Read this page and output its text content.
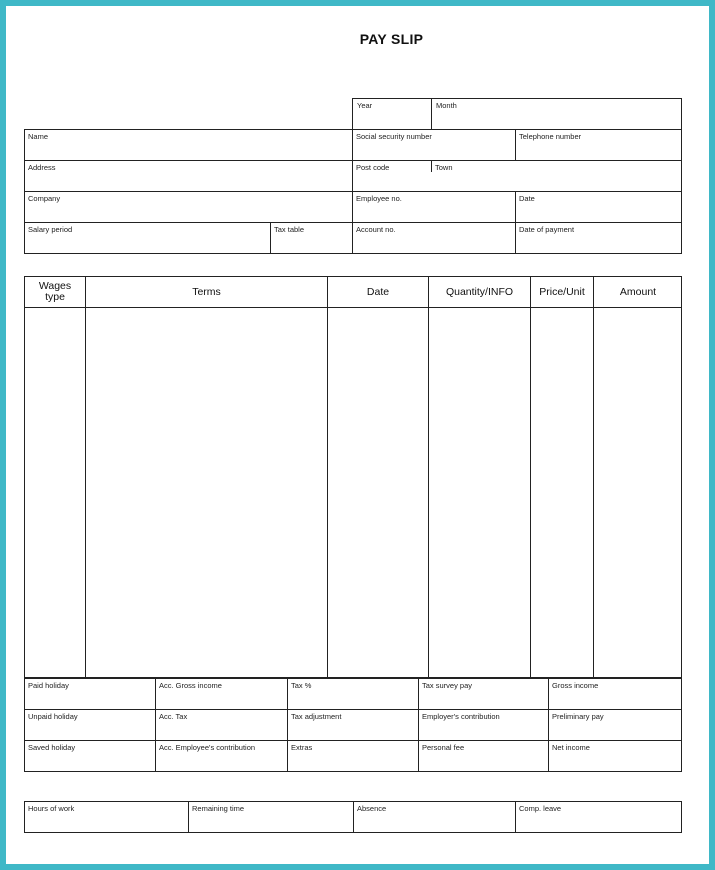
PAY SLIP
Year	Month
Name	Social security number	Telephone number
Address	Post code	Town
Company	Employee no.	Date
Salary period	Tax table	Account no.	Date of payment
Wages type	Terms	Date	Quantity/INFO	Price/Unit	Amount
Paid holiday	Acc. Gross income	Tax %	Tax survey pay	Gross income
Unpaid holiday	Acc. Tax	Tax adjustment	Employer's contribution	Preliminary pay
Saved holiday	Acc. Employee's contribution	Extras	Personal fee	Net income
Hours of work	Remaining time	Absence	Comp. leave
